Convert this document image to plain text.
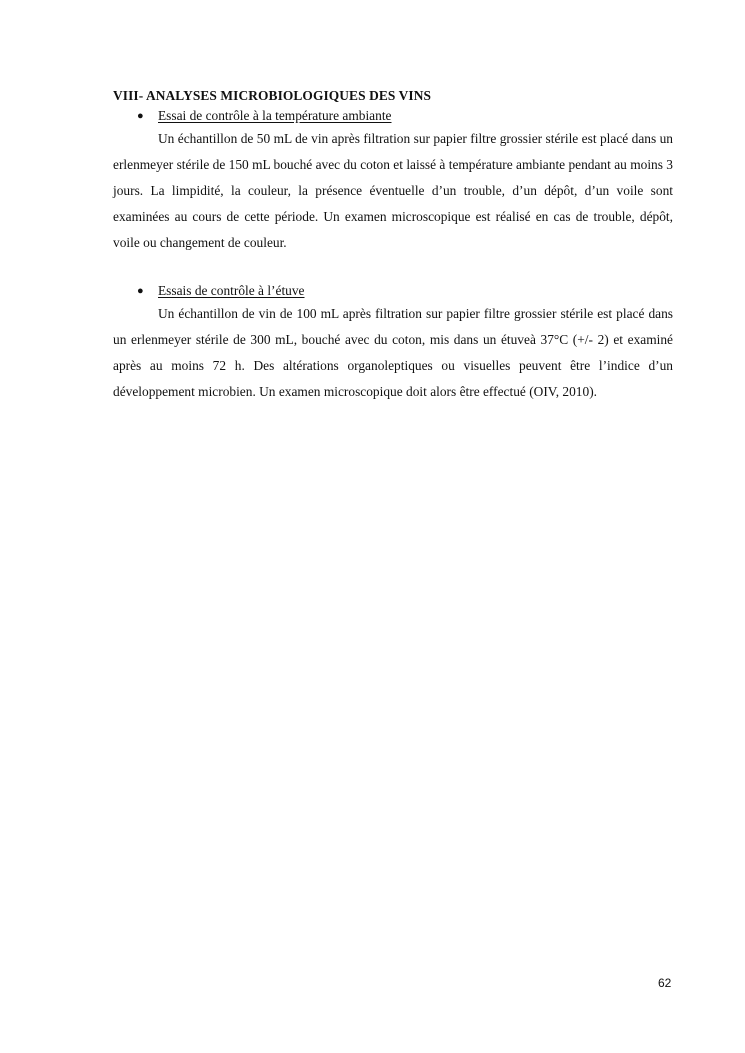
VIII- ANALYSES MICROBIOLOGIQUES DES VINS
● Essai de contrôle à la température ambiante

Un échantillon de 50 mL de vin après filtration sur papier filtre grossier stérile est placé dans un erlenmeyer stérile de 150 mL bouché avec du coton et laissé à température ambiante pendant au moins 3 jours. La limpidité, la couleur, la présence éventuelle d’un trouble, d’un dépôt, d’un voile sont examinées au cours de cette période. Un examen microscopique est réalisé en cas de trouble, dépôt, voile ou changement de couleur.

● Essais de contrôle à l’étuve

Un échantillon de vin de 100 mL après filtration sur papier filtre grossier stérile est placé dans un erlenmeyer stérile de 300 mL, bouché avec du coton, mis dans un étuveà 37°C (+/- 2) et examiné après au moins 72 h. Des altérations organoleptiques ou visuelles peuvent être l’indice d’un développement microbien. Un examen microscopique doit alors être effectué (OIV, 2010).

62
